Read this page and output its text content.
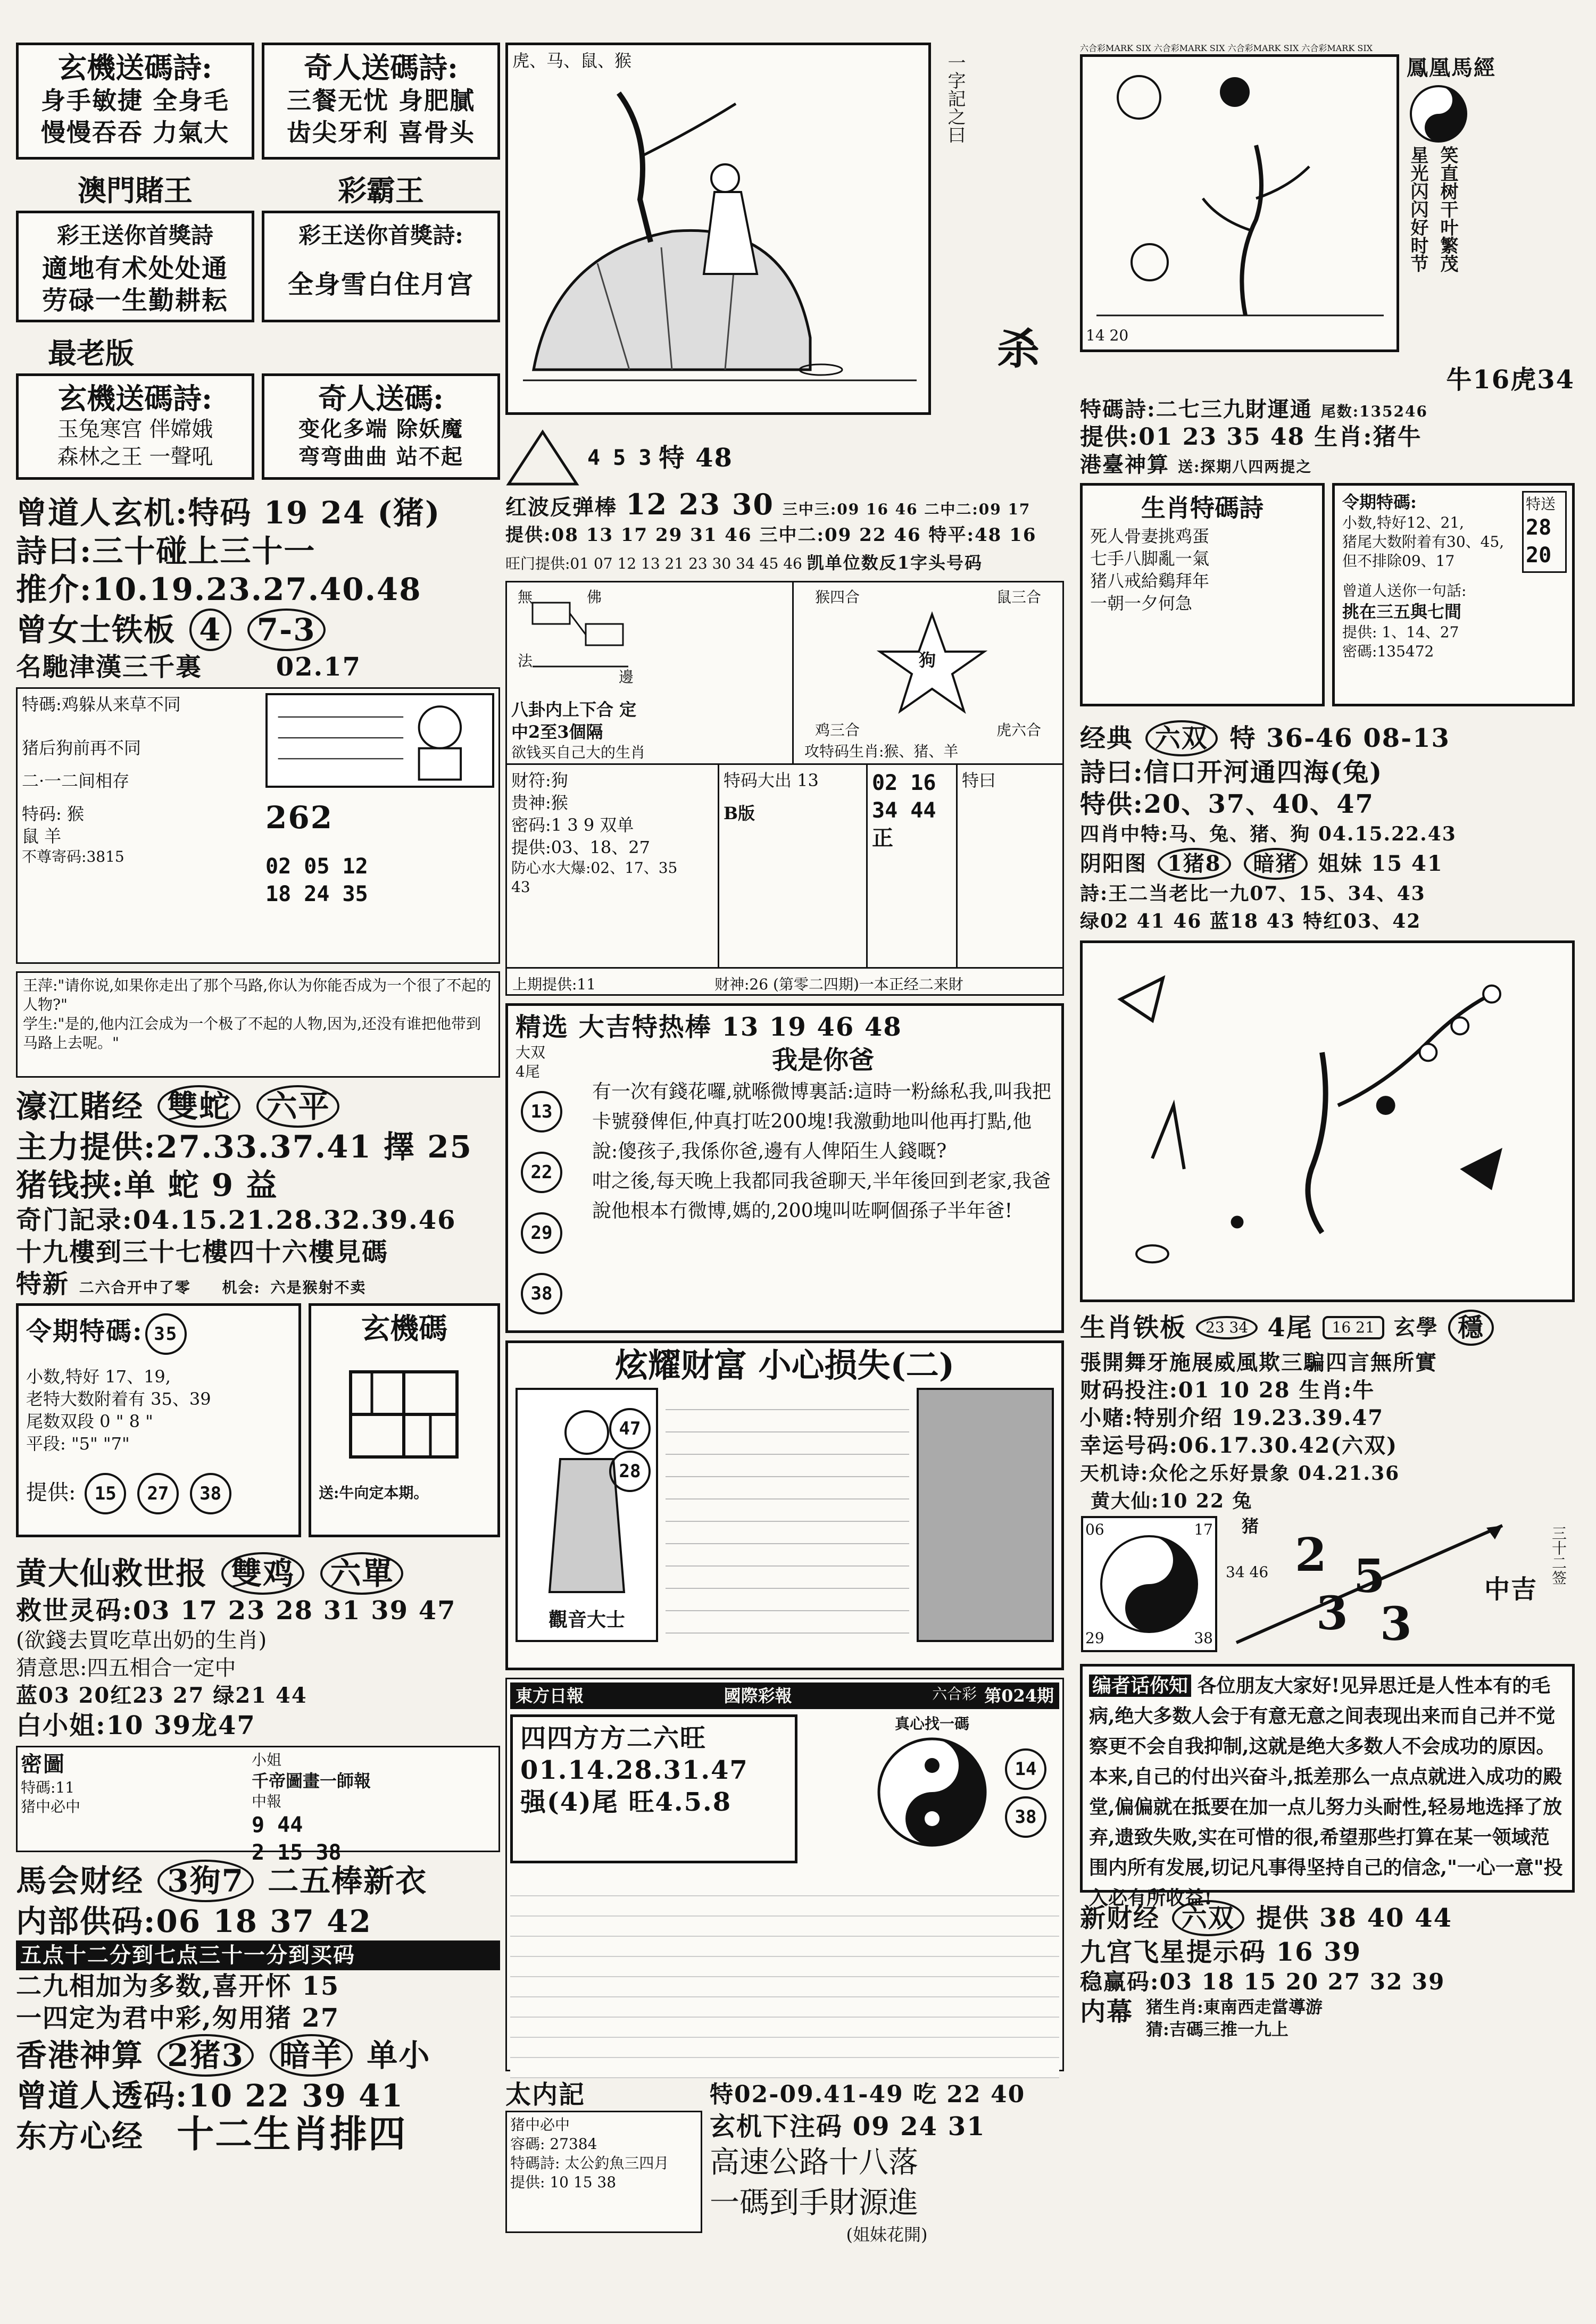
玄機送碼詩:
身手敏捷 全身毛
慢慢吞吞 力氣大
奇人送碼詩:
三餐无忧 身肥膩
齿尖牙利 喜骨头
澳門賭王	彩霸王
彩王送你首獎詩
適地有术处处通
劳碌一生勤耕耘
彩王送你首獎詩:
全身雪白住月宫
最老版
玄機送碼詩:
玉兔寒宫 伴嫦娥
森林之王 一聲吼
奇人送碼:
变化多端 除妖魔
弯弯曲曲 站不起
曾道人玄机:特码 19 24 (猪)
詩曰:三十碰上三十一
推介:10.19.23.27.40.48
曾女士铁板 4 7-3
名馳津漢三千裏	02.17
特碼:鸡躲从来草不同
猪后狗前再不同
二·一二间相存
特码: 猴
鼠 羊
不尊寄码:3815
262
02 05 12
18 24 35
王萍:"请你说,如果你走出了那个马路,你认为你能否成为一个很了不起的人物?"
学生:"是的,他内江会成为一个极了不起的人物,因为,还没有谁把他带到马路上去呢。"
濠江賭经 雙蛇 六平
主力提供:27.33.37.41 擇 25
猪钱挟:单 蛇 9 益
奇门記录:04.15.21.28.32.39.46
十九樓到三十七樓四十六樓見碼
特新 二六合开中了零 机会: 六是猴射不卖
令期特碼: 35
小数,特好 17、19,
老特大数附着有 35、39
尾数双段 0 " 8 "
平段: "5" "7"
提供: 15 27 38
玄機碼
送:牛向定本期。
黄大仙救世报 雙鸡 六單
救世灵码:03 17 23 28 31 39 47
(欲錢去買吃草出奶的生肖)
猜意思:四五相合一定中
蓝03 20红23 27 绿21 44
白小姐:10 39龙47
密圖
特碼:11
猪中必中
小姐
千帝圖畫一師報
中報
9 44
2 15 38
馬会财经 3狗7 二五棒新衣
内部供码:06 18 37 42
五点十二分到七点三十一分到买码
二九相加为多数,喜开怀 15
一四定为君中彩,匆用猪 27
香港神算 2猪3 暗羊 单小
曾道人透码:10 22 39 41
东方心经 十二生肖排四
虎、马、鼠、猴	一字記之曰
杀
4 5 3 特 48
红波反弹棒 12 23 30 三中三:09 16 46 二中二:09 17
提供:08 13 17 29 31 46 三中二:09 22 46 特平:48 16
旺门提供:01 07 12 13 21 23 30 34 45 46 凯单位数反1字头号码
無	佛
法
邊
八卦内上下合 定中2至3個隔
欲钱买自己大的生肖
猴四合	鼠三合
狗
鸡三合	虎六合
攻特码生肖:猴、猪、羊
财符:狗
贵神:猴
密码:1 3 9 双单
提供:03、18、27
防心水大爆:02、17、35
43
特码大出 13
B版
02 16 34 44 正
特曰
上期提供:11	财神:26 (第零二四期)一本正经二来財
精选 大吉特热棒 13 19 46 48
大双
4尾
13222938
我是你爸
有一次有錢花囉,就喺微博裏話:這時一粉絲私我,叫我把卡號發俾佢,仲真打咗200塊!我激動地叫他再打點,他說:傻孩子,我係你爸,邊有人俾陌生人錢嘅?
咁之後,每天晚上我都同我爸聊天,半年後回到老家,我爸說他根本冇微博,媽的,200塊叫咗啊個孫子半年爸!
炫耀财富 小心损失(二)
觀音大士
47
28
東方日報	國際彩報	六合彩 第024期
四四方方二六旺
01.14.28.31.47
强(4)尾 旺4.5.8
真心找一碼
14
38
太内記
猪中必中
容碼: 27384
特碼詩: 太公釣魚三四月
提供: 10 15 38
特02-09.41-49 吃 22 40
玄机下注码 09 24 31
高速公路十八落
一碼到手財源進
(姐妹花開)
六合彩MARK SIX 六合彩MARK SIX 六合彩MARK SIX 六合彩MARK SIX
14 20
鳳凰馬經
星光闪闪好时节 笑直树干叶繁茂
牛16虎34
特碼詩:二七三九財運通 尾数:135246
提供:01 23 35 48 生肖:猪牛
港臺神算 送:探期八四两提之
生肖特碼詩
死人骨妻挑鸡蛋
七手八脚亂一氣
猪八戒給鷄拜年
一朝一夕何急
令期特碼:
小数,特好12、21,
猪尾大数附着有30、45,
但不排除09、17
特送
28
20
曾道人送你一句話:
挑在三五與七間
提供: 1、14、27
密碼:135472
经典 六双 特 36-46 08-13
詩曰:信口开河通四海(兔)
特供:20、37、40、47
四肖中特:马、兔、猪、狗 04.15.22.43
阴阳图 1猪8 暗猪 姐妹 15 41
詩:王二当老比一九07、15、34、43
绿02 41 46 蓝18 43 特红03、42
生肖铁板	23 34 4尾	16 21 玄學 穩
張開舞牙施展威風欺三騙四言無所實
财码投注:01 10 28 生肖:牛
小赌:特别介绍 19.23.39.47
幸运号码:06.17.30.42(六双)
天机诗:众伦之乐好景象 04.21.36
黄大仙:10 22 兔
06	17
29	38
猪
34 46 2 5
3 3
中吉
三十二签
编者话你知 各位朋友大家好!见异思迁是人性本有的毛病,绝大多数人会于有意无意之间表现出来而自己并不觉察更不会自我抑制,这就是绝大多数人不会成功的原因。本来,自己的付出兴奋斗,抵差那么一点点就进入成功的殿堂,偏偏就在抵要在加一点儿努力头耐性,轻易地选择了放弃,遗致失败,实在可惜的很,希望那些打算在某一领域范围内所有发展,切记凡事得坚持自己的信念,"一心一意"投入必有所收益!
新财经 六双 提供 38 40 44
九宫飞星提示码 16 39
稳赢码:03 18 15 20 27 32 39
内幕 猪生肖:東南西走當導游
猜:吉碼三推一九上
